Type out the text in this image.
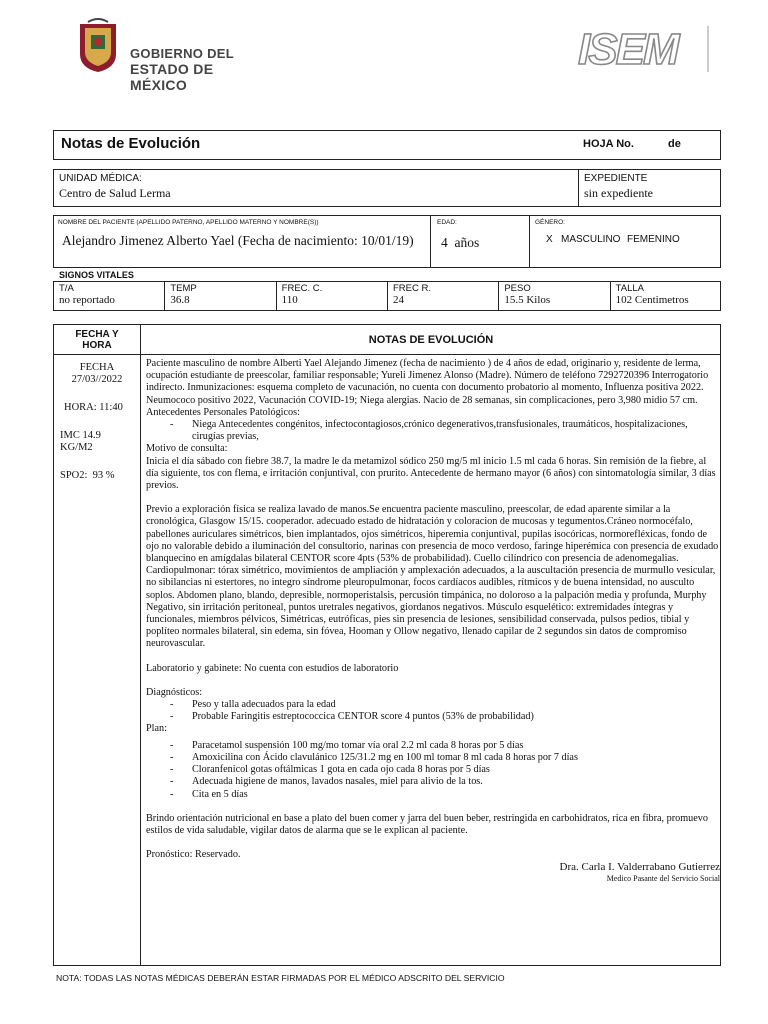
GOBIERNO DEL
ESTADO DE MÉXICO
ISEM
Notas de Evolución	HOJA No.	de
UNIDAD MÉDICA:
Centro de Salud Lerma
EXPEDIENTE
sin expediente
NOMBRE DEL PACIENTE (APELLIDO PATERNO, APELLIDO MATERNO Y NOMBRE(S))
Alejandro Jimenez Alberto Yael (Fecha de nacimiento: 10/01/19)
EDAD:
4  años
GÉNERO:
X MASCULINO FEMENINO
SIGNOS VITALES
T/A
no reportado
TEMP
36.8
FREC. C.
110
FREC R.
24
PESO
15.5 Kilos
TALLA
102 Centimetros
FECHA Y HORA	NOTAS DE EVOLUCIÓN
FECHA
27/03//2022
HORA: 11:40
IMC 14.9
KG/M2
SPO2:  93 %

Paciente masculino de nombre Alberti Yael Alejando Jimenez (fecha de nacimiento ) de 4 años de edad, originario y, residente de lerma, ocupación estudiante de preescolar, familiar responsable; Yureli Jimenez Alonso (Madre). Número de teléfono 7292720396 Interrogatorio indirecto. Inmunizaciones: esquema completo de vacunación, no cuenta con documento probatorio al momento, Influenza positiva 2022. Neumococo positivo 2022, Vacunación COVID-19; Niega alergias. Nacio de 28 semanas, sin complicaciones, pero 3,980 midio 57 cm.

Antecedentes Personales Patológicos:

- Niega Antecedentes congénitos, infectocontagiosos,crónico degenerativos,transfusionales, traumáticos, hospitalizaciones, cirugías previas,

Motivo de consulta:

Inicia el día sábado con fiebre 38.7, la madre le da metamizol sódico 250 mg/5 ml inicio 1.5 ml cada 6 horas. Sin remisión de la fiebre, al día siguiente, tos con flema, e irritación conjuntival, con prurito. Antecedente de hermano mayor (6 años) con sintomatología similar, 3 días previos.

Previo a exploración física se realiza lavado de manos.Se encuentra paciente masculino, preescolar, de edad aparente similar a la cronológica, Glasgow 15/15. cooperador. adecuado estado de hidratación y coloracion de mucosas y tegumentos.Cráneo normocéfalo, pabellones auriculares simétricos, bien implantados, ojos simétricos, hiperemia conjuntival, pupilas isocóricas, normorefléxicas, fondo de ojo no valorable debido a iluminación del consultorio, narinas con presencia de moco verdoso, faringe hiperémica con presencia de exudado blanquecino en amígdalas bilateral CENTOR score 4pts (53% de probabilidad). Cuello cilíndrico con presencia de adenomegalias. Cardiopulmonar: tórax simétrico, movimientos de ampliación y amplexación adecuados, a la auscultación presencia de murmullo vesicular, no sibilancias ni estertores, no integro síndrome pleuropulmonar, focos cardíacos audibles, rítmicos y de buena intensidad, no ausculto soplos. Abdomen plano, blando, depresible, normoperistalsis, percusión timpánica, no doloroso a la palpación media y profunda, Murphy Negativo, sin irritación peritoneal, puntos uretrales negativos, giordanos negativos. Músculo esquelético: extremidades íntegras y funcionales, miembros pélvicos, Simétricas, eutróficas, pies sin presencia de lesiones, sensibilidad conservada, pulsos pedios, tibial y poplíteo normales bilateral, sin edema, sin fóvea, Hooman y Ollow negativo, llenado capilar de 2 segundos sin datos de compromiso neurovascular.

Laboratorio y gabinete: No cuenta con estudios de laboratorio

Diagnósticos:

- Peso y talla adecuados para la edad
- Probable Faringitis estreptococcica CENTOR score 4 puntos (53% de probabilidad)

Plan:

- Paracetamol suspensión 100 mg/mo tomar vía oral 2.2 ml cada 8 horas por 5 días
- Amoxicilina con Ácido clavulánico 125/31.2 mg en 100 ml tomar 8 ml cada 8 horas por 7 días
- Cloranfenicol gotas oftálmicas 1 gota en cada ojo cada 8 horas por 5 días
- Adecuada higiene de manos, lavados nasales, miel para alivio de la tos.
- Cita en 5 días

Brindo orientación nutricional en base a plato del buen comer y jarra del buen beber, restringida en carbohidratos, rica en fibra, promuevo estilos de vida saludable, vigilar datos de alarma que se le explican al paciente.

Pronóstico: Reservado.

Dra. Carla I. Valderrabano Gutierrez

Medico Pasante del Servicio Social

NOTA: TODAS LAS NOTAS MÉDICAS DEBERÁN ESTAR FIRMADAS POR EL MÉDICO ADSCRITO DEL SERVICIO
